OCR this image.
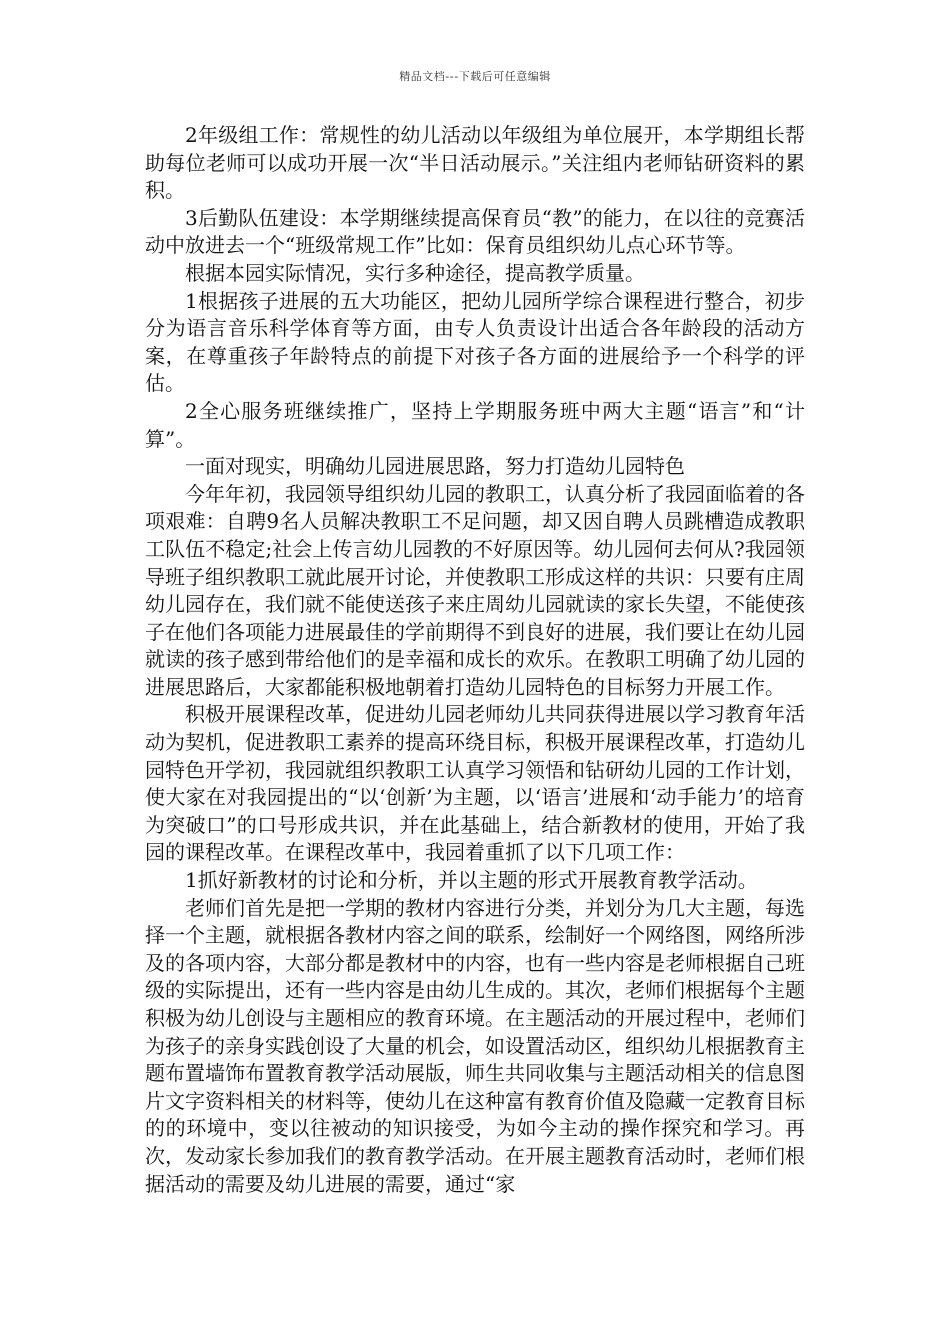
精品文档---下载后可任意编辑

2年级组工作：常规性的幼儿活动以年级组为单位展开，本学期组长帮助每位老师可以成功开展一次“半日活动展示。”关注组内老师钻研资料的累积。

3后勤队伍建设：本学期继续提高保育员“教”的能力，在以往的竞赛活动中放进去一个“班级常规工作”比如：保育员组织幼儿点心环节等。

根据本园实际情况，实行多种途径，提高教学质量。

1根据孩子进展的五大功能区，把幼儿园所学综合课程进行整合，初步分为语言音乐科学体育等方面，由专人负责设计出适合各年龄段的活动方案，在尊重孩子年龄特点的前提下对孩子各方面的进展给予一个科学的评估。

2全心服务班继续推广，坚持上学期服务班中两大主题“语言”和“计算”。

一面对现实，明确幼儿园进展思路，努力打造幼儿园特色

今年年初，我园领导组织幼儿园的教职工，认真分析了我园面临着的各项艰难：自聘9名人员解决教职工不足问题，却又因自聘人员跳槽造成教职工队伍不稳定;社会上传言幼儿园教的不好原因等。幼儿园何去何从?我园领导班子组织教职工就此展开讨论，并使教职工形成这样的共识：只要有庄周幼儿园存在，我们就不能使送孩子来庄周幼儿园就读的家长失望，不能使孩子在他们各项能力进展最佳的学前期得不到良好的进展，我们要让在幼儿园就读的孩子感到带给他们的是幸福和成长的欢乐。在教职工明确了幼儿园的进展思路后，大家都能积极地朝着打造幼儿园特色的目标努力开展工作。

积极开展课程改革，促进幼儿园老师幼儿共同获得进展以学习教育年活动为契机，促进教职工素养的提高环绕目标，积极开展课程改革，打造幼儿园特色开学初，我园就组织教职工认真学习领悟和钻研幼儿园的工作计划，使大家在对我园提出的“以‘创新’为主题，以‘语言’进展和‘动手能力’的培育为突破口”的口号形成共识，并在此基础上，结合新教材的使用，开始了我园的课程改革。在课程改革中，我园着重抓了以下几项工作：

1抓好新教材的讨论和分析，并以主题的形式开展教育教学活动。

老师们首先是把一学期的教材内容进行分类，并划分为几大主题，每选择一个主题，就根据各教材内容之间的联系，绘制好一个网络图，网络所涉及的各项内容，大部分都是教材中的内容，也有一些内容是老师根据自己班级的实际提出，还有一些内容是由幼儿生成的。其次，老师们根据每个主题积极为幼儿创设与主题相应的教育环境。在主题活动的开展过程中，老师们为孩子的亲身实践创设了大量的机会，如设置活动区，组织幼儿根据教育主题布置墙饰布置教育教学活动展版，师生共同收集与主题活动相关的信息图片文字资料相关的材料等，使幼儿在这种富有教育价值及隐藏一定教育目标的的环境中，变以往被动的知识接受，为如今主动的操作探究和学习。再次，发动家长参加我们的教育教学活动。在开展主题教育活动时，老师们根据活动的需要及幼儿进展的需要，通过“家
